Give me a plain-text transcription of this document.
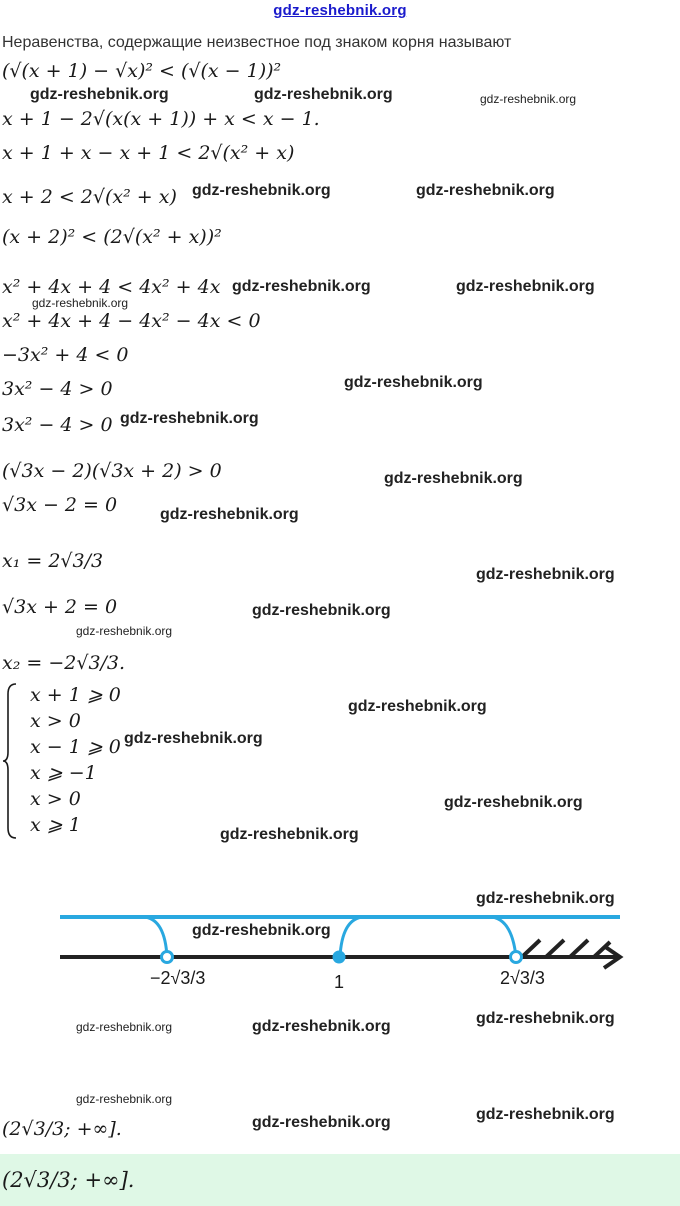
gdz-reshebnik.org
Неравенства, содержащие неизвестное под знаком корня называют
(√(x + 1) − √x)² < (√(x − 1))²
x + 1 − 2√(x(x + 1)) + x < x − 1.
x + 1 + x − x + 1 < 2√(x² + x)
x + 2 < 2√(x² + x)
(x + 2)² < (2√(x² + x))²
x² + 4x + 4 < 4x² + 4x
x² + 4x + 4 − 4x² − 4x < 0
−3x² + 4 < 0
3x² − 4 > 0
3x² − 4 > 0
(√3x − 2)(√3x + 2) > 0
√3x − 2 = 0
x₁ = 2√3/3
√3x + 2 = 0
x₂ = −2√3/3.
x + 1 ⩾ 0
x > 0
x − 1 ⩾ 0
x ⩾ −1
x > 0
x ⩾ 1
−2√3/3	1	2√3/3
(2√3/3; +∞].
(2√3/3; +∞].
gdz-reshebnik.org	gdz-reshebnik.org	gdz-reshebnik.org
gdz-reshebnik.org	gdz-reshebnik.org
gdz-reshebnik.org	gdz-reshebnik.org
gdz-reshebnik.org
gdz-reshebnik.org
gdz-reshebnik.org
gdz-reshebnik.org
gdz-reshebnik.org
gdz-reshebnik.org
gdz-reshebnik.org
gdz-reshebnik.org
gdz-reshebnik.org
gdz-reshebnik.org
gdz-reshebnik.org
gdz-reshebnik.org
gdz-reshebnik.org
gdz-reshebnik.org
gdz-reshebnik.org	gdz-reshebnik.org	gdz-reshebnik.org
gdz-reshebnik.org
gdz-reshebnik.org
gdz-reshebnik.org
